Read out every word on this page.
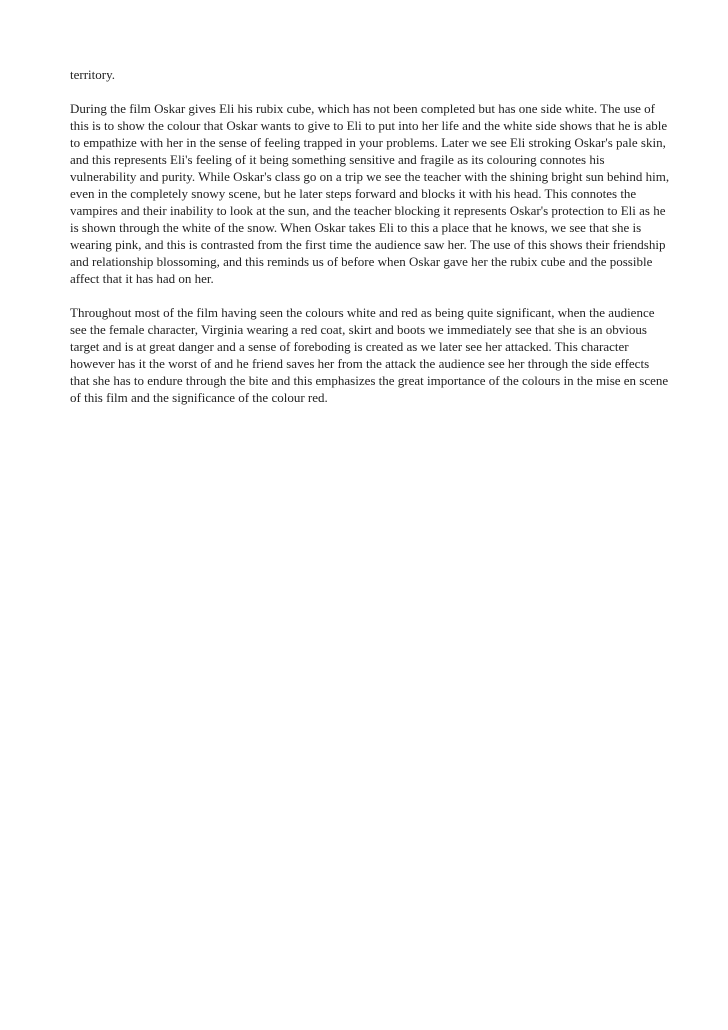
territory.

During the film Oskar gives Eli his rubix cube, which has not been completed but has one side white. The use of this is to show the colour that Oskar wants to give to Eli to put into her life and the white side shows that he is able to empathize with her in the sense of feeling trapped in your problems. Later we see Eli stroking Oskar's pale skin, and this represents Eli's feeling of it being something sensitive and fragile as its colouring connotes his vulnerability and purity. While Oskar's class go on a trip we see the teacher with the shining bright sun behind him, even in the completely snowy scene, but he later steps forward and blocks it with his head. This connotes the vampires and their inability to look at the sun, and the teacher blocking it represents Oskar's protection to Eli as he is shown through the white of the snow. When Oskar takes Eli to this a place that he knows, we see that she is wearing pink, and this is contrasted from the first time the audience saw her. The use of this shows their friendship and relationship blossoming, and this reminds us of before when Oskar gave her the rubix cube and the possible affect that it has had on her.

Throughout most of the film having seen the colours white and red as being quite significant, when the audience see the female character, Virginia wearing a red coat, skirt and boots we immediately see that she is an obvious target and is at great danger and a sense of foreboding is created as we later see her attacked. This character however has it the worst of and he friend saves her from the attack the audience see her through the side effects that she has to endure through the bite and this emphasizes the great importance of the colours in the mise en scene of this film and the significance of the colour red.
